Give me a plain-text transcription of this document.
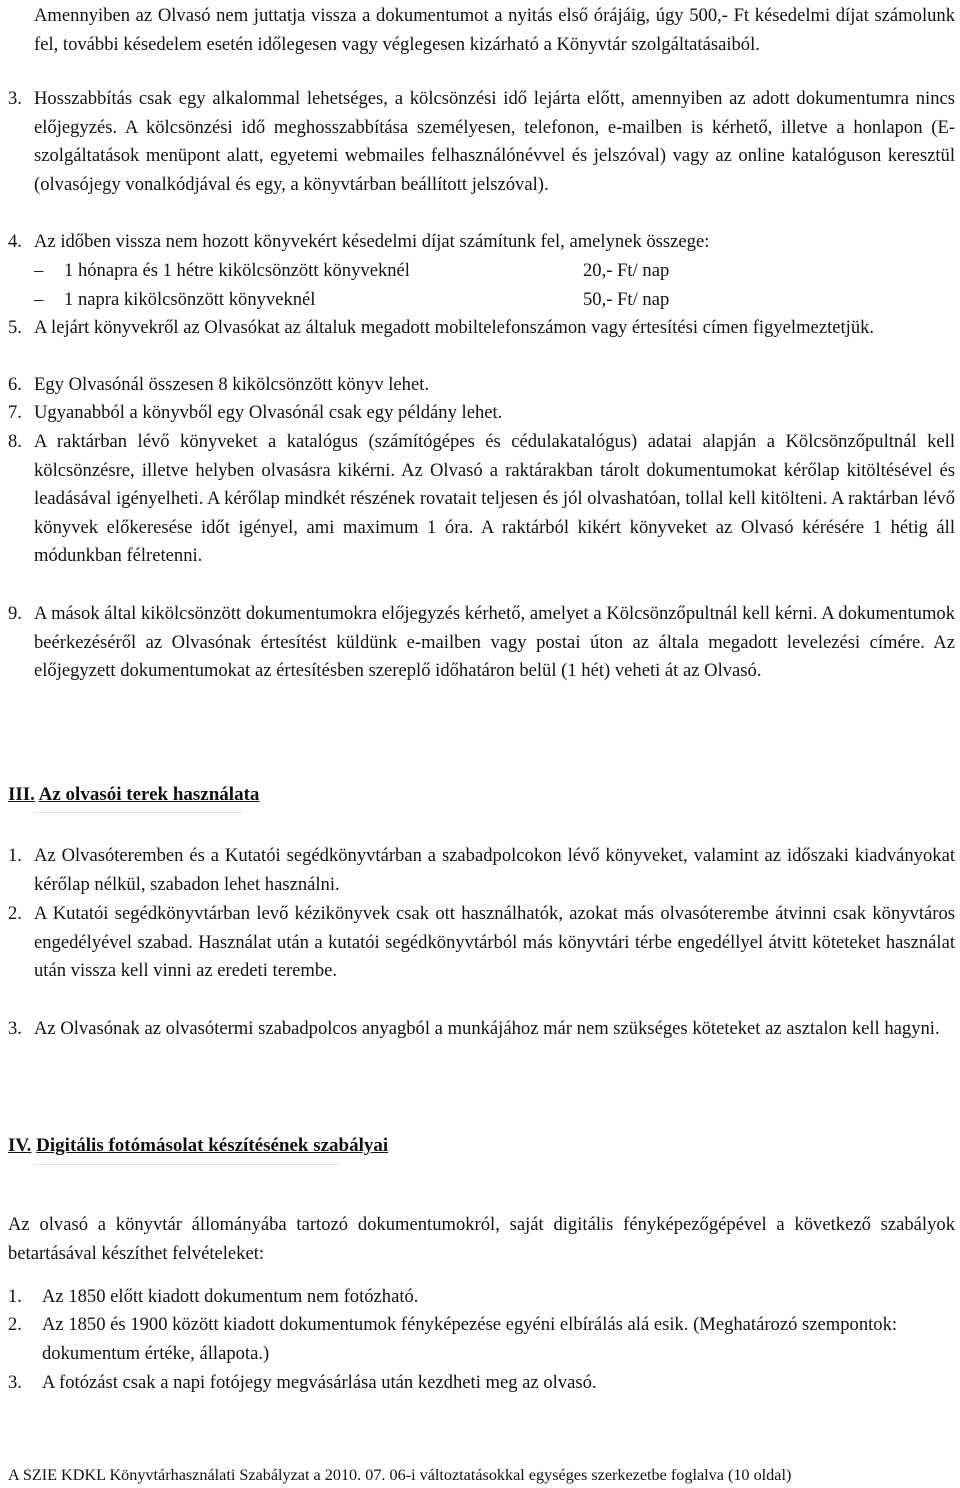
Amennyiben az Olvasó nem juttatja vissza a dokumentumot a nyitás első órájáig, úgy 500,- Ft késedelmi díjat számolunk fel, további késedelem esetén időlegesen vagy véglegesen kizárható a Könyvtár szolgáltatásaiból.
3. Hosszabbítás csak egy alkalommal lehetséges, a kölcsönzési idő lejárta előtt, amennyiben az adott dokumentumra nincs előjegyzés. A kölcsönzési idő meghosszabbítása személyesen, telefonon, e-mailben is kérhető, illetve a honlapon (E-szolgáltatások menüpont alatt, egyetemi webmailes felhasználónévvel és jelszóval) vagy az online katalóguson keresztül (olvasójegy vonalkódjával és egy, a könyvtárban beállított jelszóval).
4. Az időben vissza nem hozott könyvekért késedelmi díjat számítunk fel, amelynek összege:
– 1 hónapra és 1 hétre kikölcsönzött könyveknél	20,- Ft/ nap
– 1 napra kikölcsönzött könyveknél	50,- Ft/ nap
5. A lejárt könyvekről az Olvasókat az általuk megadott mobiltelefonszámon vagy értesítési címen figyelmeztetjük.
6. Egy Olvasónál összesen 8 kikölcsönzött könyv lehet.
7. Ugyanabból a könyvből egy Olvasónál csak egy példány lehet.
8. A raktárban lévő könyveket a katalógus (számítógépes és cédulakatalógus) adatai alapján a Kölcsönzőpultnál kell kölcsönzésre, illetve helyben olvasásra kikérni. Az Olvasó a raktárakban tárolt dokumentumokat kérőlap kitöltésével és leadásával igényelheti. A kérőlap mindkét részének rovatait teljesen és jól olvashatóan, tollal kell kitölteni. A raktárban lévő könyvek előkeresése időt igényel, ami maximum 1 óra. A raktárból kikért könyveket az Olvasó kérésére 1 hétig áll módunkban félretenni.
9. A mások által kikölcsönzött dokumentumokra előjegyzés kérhető, amelyet a Kölcsönzőpultnál kell kérni. A dokumentumok beérkezéséről az Olvasónak értesítést küldünk e-mailben vagy postai úton az általa megadott levelezési címére. Az előjegyzett dokumentumokat az értesítésben szereplő időhatáron belül (1 hét) veheti át az Olvasó.
III. Az olvasói terek használata
1. Az Olvasóteremben és a Kutatói segédkönyvtárban a szabadpolcokon lévő könyveket, valamint az időszaki kiadványokat kérőlap nélkül, szabadon lehet használni.
2. A Kutatói segédkönyvtárban levő kézikönyvek csak ott használhatók, azokat más olvasóterembe átvinni csak könyvtáros engedélyével szabad. Használat után a kutatói segédkönyvtárból más könyvtári térbe engedéllyel átvitt köteteket használat után vissza kell vinni az eredeti terembe.
3. Az Olvasónak az olvasótermi szabadpolcos anyagból a munkájához már nem szükséges köteteket az asztalon kell hagyni.
IV. Digitális fotómásolat készítésének szabályai
Az olvasó a könyvtár állományába tartozó dokumentumokról, saját digitális fényképezőgépével a következő szabályok betartásával készíthet felvételeket:
1. Az 1850 előtt kiadott dokumentum nem fotózható.
2. Az 1850 és 1900 között kiadott dokumentumok fényképezése egyéni elbírálás alá esik. (Meghatározó szempontok: dokumentum értéke, állapota.)
3. A fotózást csak a napi fotójegy megvásárlása után kezdheti meg az olvasó.
A SZIE KDKL Könyvtárhasználati Szabályzat a 2010. 07. 06-i változtatásokkal egységes szerkezetbe foglalva (10 oldal)
